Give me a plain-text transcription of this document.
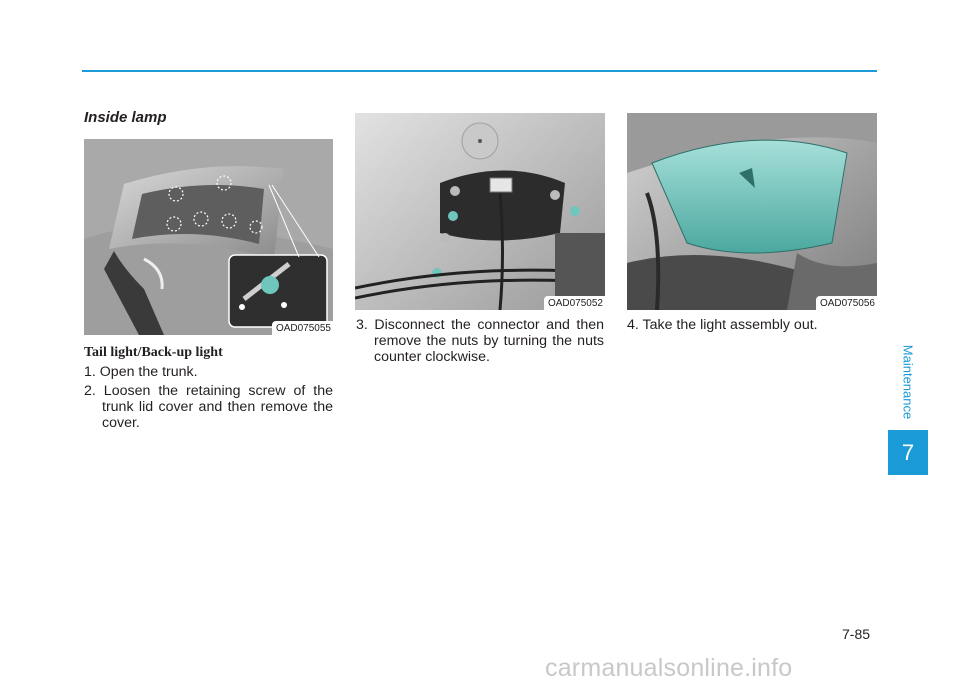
Maintenance
7
Inside lamp
OAD075055
OAD075052	OAD075056
Tail light/Back-up light
1. Open the trunk.
2. Loosen the retaining screw of the trunk lid cover and then remove the cover.
3. Disconnect the connector and then remove the nuts by turning the nuts counter clockwise.
4. Take the light assembly out.
7-85
carmanualsonline.info
